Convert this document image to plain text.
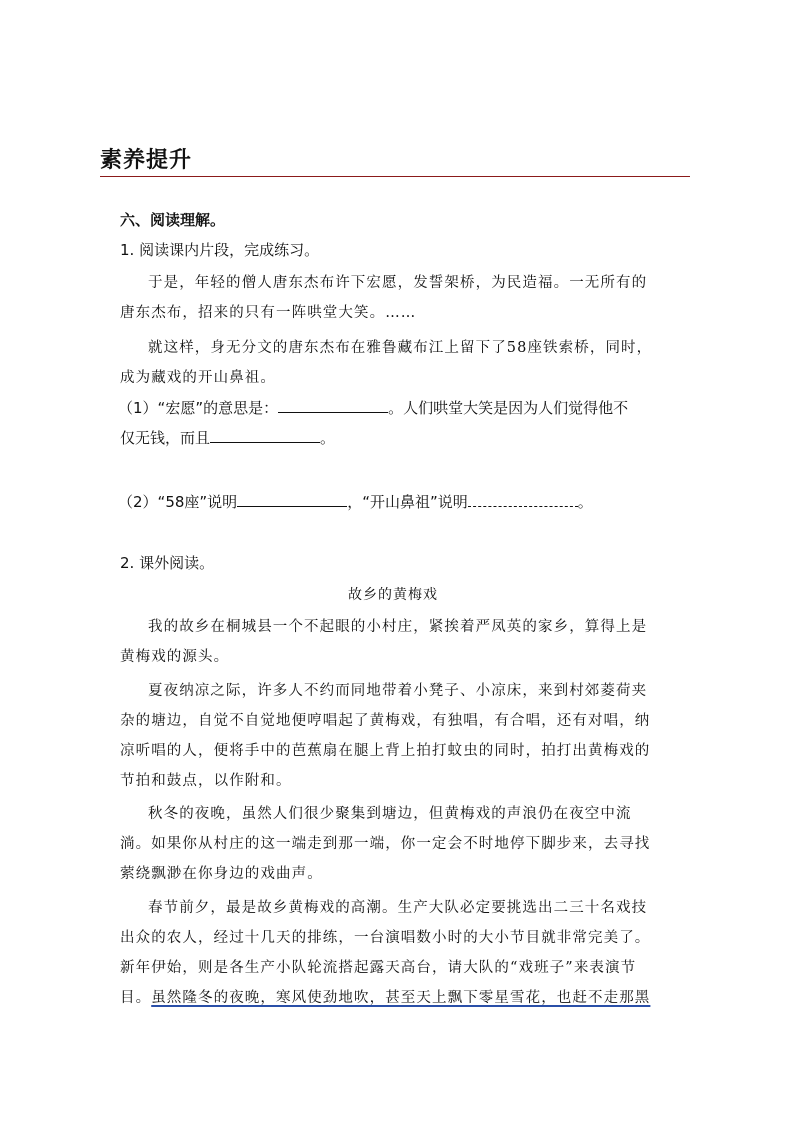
素养提升
六、阅读理解。
1. 阅读课内片段，完成练习。
于是，年轻的僧人唐东杰布许下宏愿，发誓架桥，为民造福。一无所有的
唐东杰布，招来的只有一阵哄堂大笑。……
就这样，身无分文的唐东杰布在雅鲁藏布江上留下了58座铁索桥，同时，
成为藏戏的开山鼻祖。
（1）“宏愿”的意思是：	。人们哄堂大笑是因为人们觉得他不
仅无钱，而且	。
（2）“58座”说明	，“开山鼻祖”说明	。
2. 课外阅读。
故乡的黄梅戏
我的故乡在桐城县一个不起眼的小村庄，紧挨着严凤英的家乡，算得上是
黄梅戏的源头。
夏夜纳凉之际，许多人不约而同地带着小凳子、小凉床，来到村郊菱荷夹
杂的塘边，自觉不自觉地便哼唱起了黄梅戏，有独唱，有合唱，还有对唱，纳
凉听唱的人，便将手中的芭蕉扇在腿上背上拍打蚊虫的同时，拍打出黄梅戏的
节拍和鼓点，以作附和。
秋冬的夜晚，虽然人们很少聚集到塘边，但黄梅戏的声浪仍在夜空中流
淌。如果你从村庄的这一端走到那一端，你一定会不时地停下脚步来，去寻找
萦绕飘渺在你身边的戏曲声。
春节前夕，最是故乡黄梅戏的高潮。生产大队必定要挑选出二三十名戏技
出众的农人，经过十几天的排练，一台演唱数小时的大小节目就非常完美了。
新年伊始，则是各生产小队轮流搭起露天高台，请大队的“戏班子”来表演节
目。虽然隆冬的夜晚，寒风使劲地吹，甚至天上飘下零星雪花，也赶不走那黑
